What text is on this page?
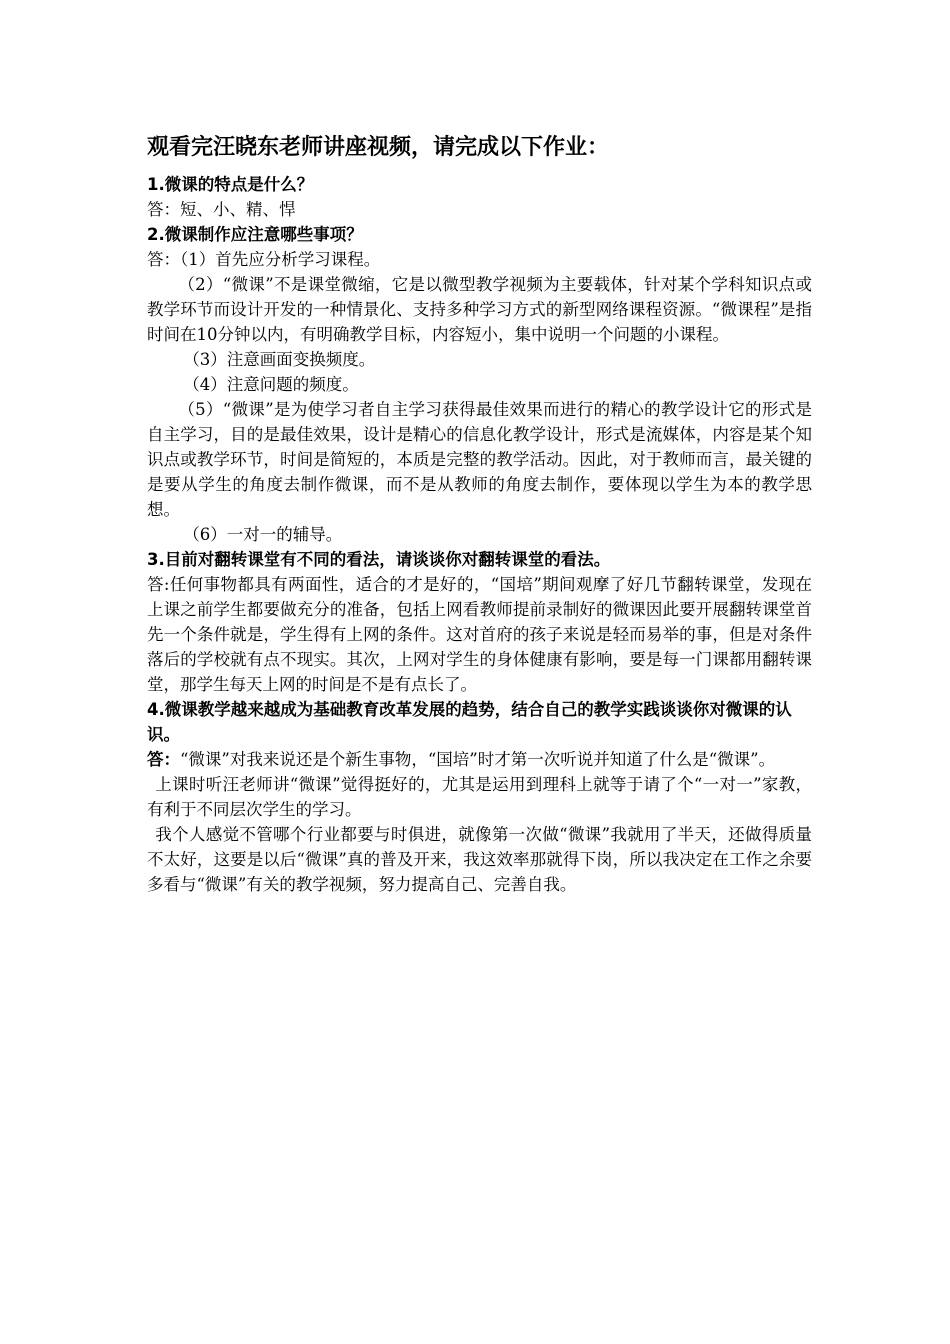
观看完汪晓东老师讲座视频，请完成以下作业：
1.微课的特点是什么？
答：短、小、精、悍
2.微课制作应注意哪些事项？
答：（1）首先应分析学习课程。
（2）“微课”不是课堂微缩，它是以微型教学视频为主要载体，针对某个学科知识点或教学环节而设计开发的一种情景化、支持多种学习方式的新型网络课程资源。“微课程”是指时间在10分钟以内，有明确教学目标，内容短小，集中说明一个问题的小课程。
（3）注意画面变换频度。
（4）注意问题的频度。
（5）“微课”是为使学习者自主学习获得最佳效果而进行的精心的教学设计它的形式是自主学习，目的是最佳效果，设计是精心的信息化教学设计，形式是流媒体，内容是某个知识点或教学环节，时间是简短的，本质是完整的教学活动。因此，对于教师而言，最关键的是要从学生的角度去制作微课，而不是从教师的角度去制作，要体现以学生为本的教学思想。
（6）一对一的辅导。
3.目前对翻转课堂有不同的看法，请谈谈你对翻转课堂的看法。
答:任何事物都具有两面性，适合的才是好的，“国培”期间观摩了好几节翻转课堂，发现在上课之前学生都要做充分的准备，包括上网看教师提前录制好的微课因此要开展翻转课堂首先一个条件就是，学生得有上网的条件。这对首府的孩子来说是轻而易举的事，但是对条件落后的学校就有点不现实。其次，上网对学生的身体健康有影响，要是每一门课都用翻转课堂，那学生每天上网的时间是不是有点长了。
4.微课教学越来越成为基础教育改革发展的趋势，结合自己的教学实践谈谈你对微课的认识。
答：“微课”对我来说还是个新生事物，“国培”时才第一次听说并知道了什么是“微课”。
上课时听汪老师讲“微课”觉得挺好的，尤其是运用到理科上就等于请了个“一对一”家教，有利于不同层次学生的学习。
我个人感觉不管哪个行业都要与时俱进，就像第一次做“微课”我就用了半天，还做得质量不太好，这要是以后“微课”真的普及开来，我这效率那就得下岗，所以我决定在工作之余要多看与“微课”有关的教学视频，努力提高自己、完善自我。
